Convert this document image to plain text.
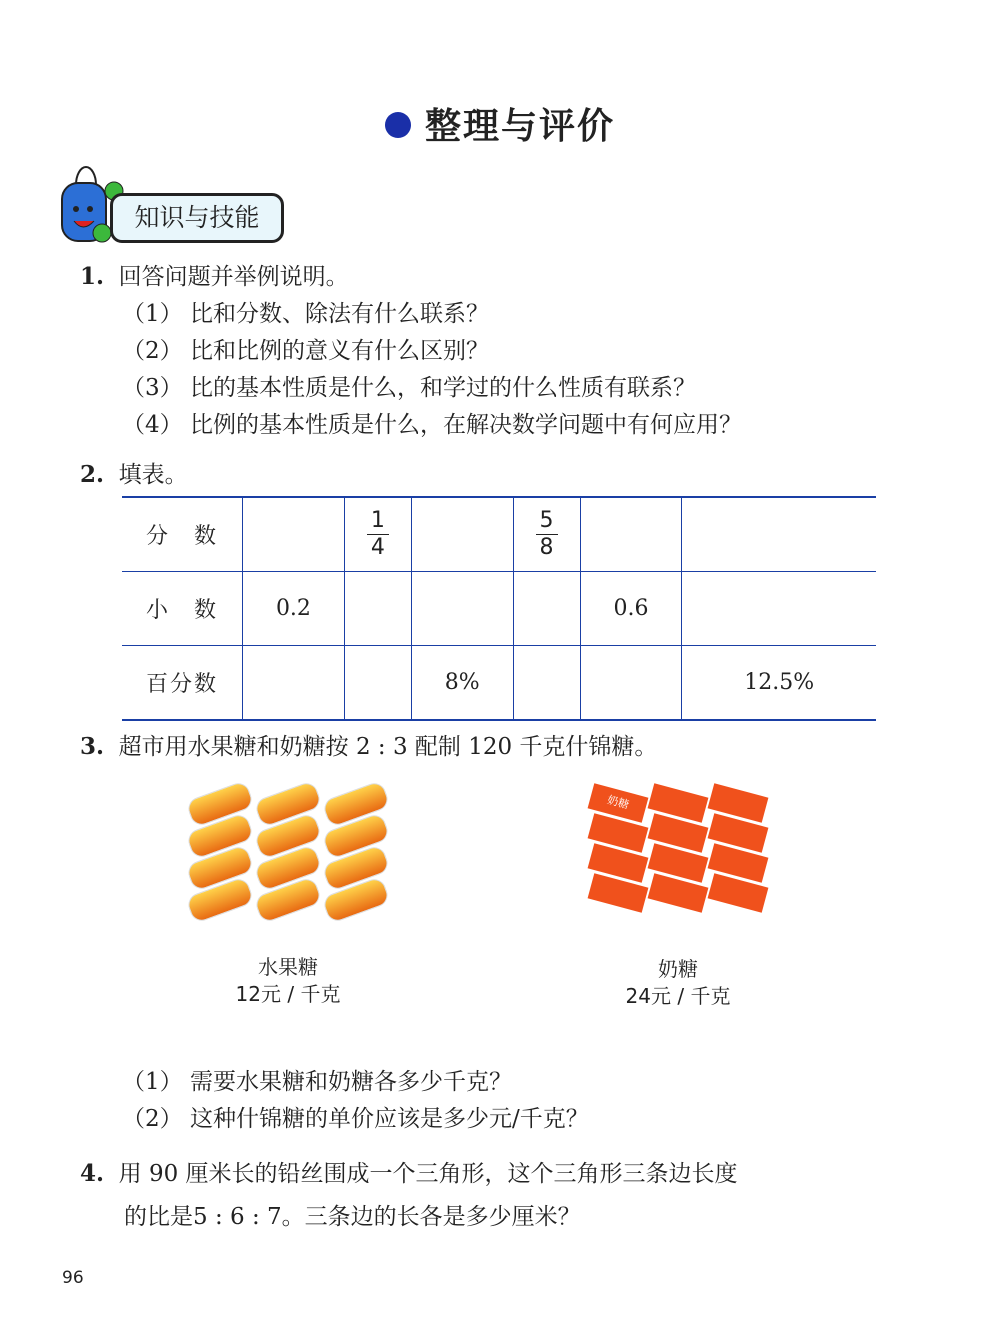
整理与评价
知识与技能
1. 回答问题并举例说明。
（1） 比和分数、除法有什么联系？
（2） 比和比例的意义有什么区别？
（3） 比的基本性质是什么，和学过的什么性质有联系？
（4） 比例的基本性质是什么，在解决数学问题中有何应用？
2. 填表。
分　数		$\frac{1}{4}$		$\frac{5}{8}$

小　数	0.2				0.6	
百分数			8%			12.5%
3. 超市用水果糖和奶糖按 2 : 3 配制 120 千克什锦糖。
水果糖
12元 / 千克
奶糖
奶糖
24元 / 千克
（1） 需要水果糖和奶糖各多少千克？
（2） 这种什锦糖的单价应该是多少元/千克？
4. 用 90 厘米长的铅丝围成一个三角形，这个三角形三条边长度
的比是5 : 6 : 7。三条边的长各是多少厘米？
96
